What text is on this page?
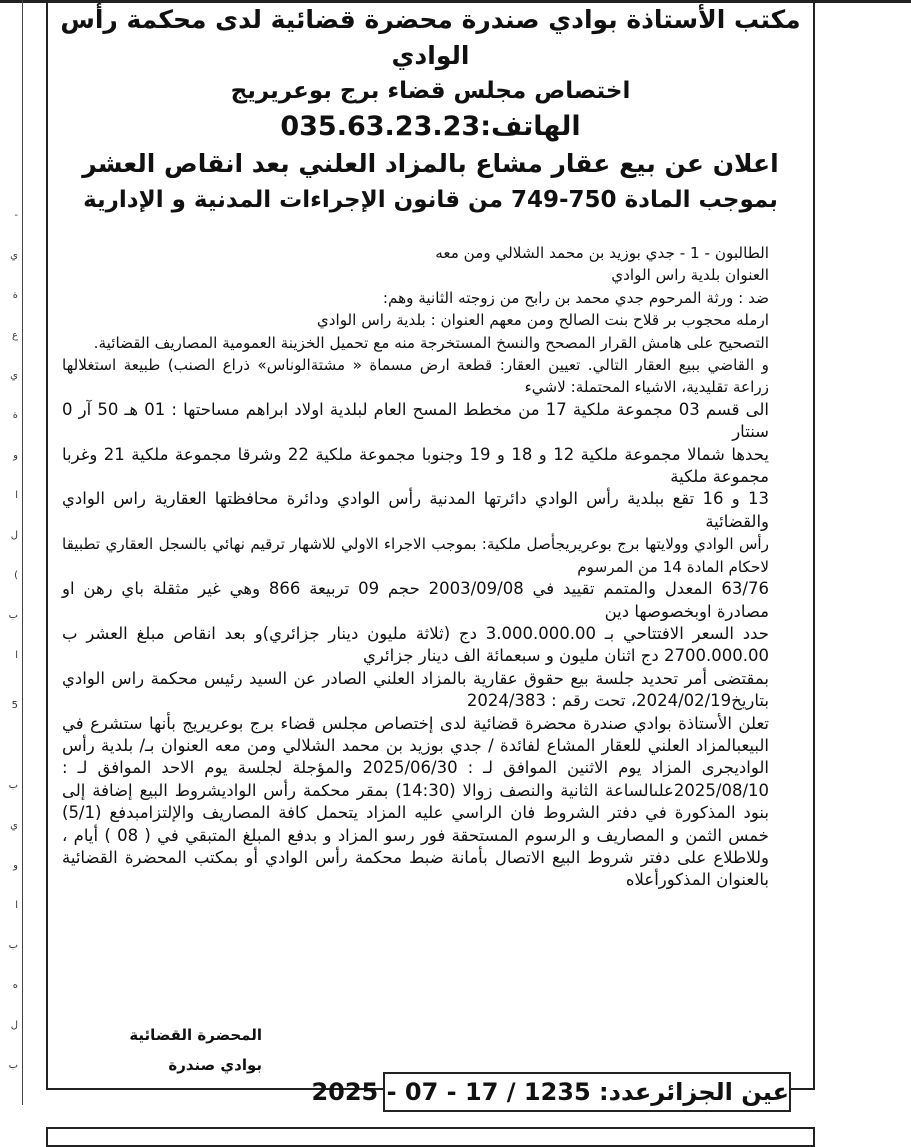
-
ي
ة
ع
ي
ة
و
ا
ل
(
ب
ا
5
ب
ي
و
ا
ب
ه
ل
ب
مكتب الأستاذة بوادي صندرة محضرة قضائية لدى محكمة رأس الوادي
اختصاص مجلس قضاء برج بوعريريج
الهاتف:035.63.23.23
اعلان عن بيع عقار مشاع بالمزاد العلني بعد انقاص العشر
بموجب المادة 750-749 من قانون الإجراءات المدنية و الإدارية

الطالبون - 1 - جدي بوزيد بن محمد الشلالي ومن معه

العنوان بلدية راس الوادي

ضد : ورثة المرحوم جدي محمد بن رابح من زوجته الثانية وهم:

ارمله محجوب بر قلاح بنت الصالح ومن معهم العنوان : بلدية راس الوادي

التصحيح على هامش القرار المصحح والنسخ المستخرجة منه مع تحميل الخزينة العمومية المصاريف القضائية.

و القاضي ببيع العقار التالي. تعيين العقار: قطعة ارض مسماة « مشتةالوناس» ذراع الصنب) طبيعة استغلالها زراعة تقليدية، الاشياء المحتملة: لاشيء

الى قسم 03 مجموعة ملكية 17 من مخطط المسح العام لبلدية اولاد ابراهم مساحتها : 01 هـ 50 آر 0 سنتار

يحدها شمالا مجموعة ملكية 12 و 18 و 19 وجنوبا مجموعة ملكية 22 وشرقا مجموعة ملكية 21 وغربا مجموعة ملكية

13 و 16 تقع ببلدية رأس الوادي دائرتها المدنية رأس الوادي ودائرة محافظتها العقارية راس الوادي والقضائية

رأس الوادي وولايتها برج بوعريريجأصل ملكية: بموجب الاجراء الاولي للاشهار ترقيم نهائي بالسجل العقاري تطبيقا لاحكام المادة 14 من المرسوم

63/76 المعدل والمتمم تقييد في 2003/09/08 حجم 09 تربيعة 866 وهي غير مثقلة باي رهن او مصادرة اوبخصوصها دين

حدد السعر الافتتاحي بـ 3.000.000.00 دج (ثلاثة مليون دينار جزائري)و بعد انقاص مبلغ العشر ب 2700.000.00 دج اثنان مليون و سبعمائة الف دينار جزائري

بمقتضى أمر تحديد جلسة بيع حقوق عقارية بالمزاد العلني الصادر عن السيد رئيس محكمة راس الوادي بتاريخ2024/02/19، تحت رقم : 2024/383

تعلن الأستاذة بوادي صندرة محضرة قضائية لدى إختصاص مجلس قضاء برج بوعريريج بأنها ستشرع في البيعبالمزاد العلني للعقار المشاع لفائدة / جدي بوزيد بن محمد الشلالي ومن معه العنوان بـ/ بلدية رأس الواديجرى المزاد يوم الاثنين الموافق لـ : 2025/06/30 والمؤجلة لجلسة يوم الاحد الموافق لـ : 2025/08/10علىالساعة الثانية والنصف زوالا (14:30) بمقر محكمة رأس الواديشروط البيع إضافة إلى بنود المذكورة في دفتر الشروط فان الراسي عليه المزاد يتحمل كافة المصاريف والإلتزامبدفع (5/1) خمس الثمن و المصاريف و الرسوم المستحقة فور رسو المزاد و بدفع المبلغ المتبقي في ( 08 ) أيام ، وللاطلاع على دفتر شروط البيع الاتصال بأمانة ضبط محكمة رأس الوادي أو بمكتب المحضرة القضائية بالعنوان المذكورأعلاه

المحضرة القضائية
بوادي صندرة
عين الجزائرعدد: 1235 / 17 - 07 - 2025
